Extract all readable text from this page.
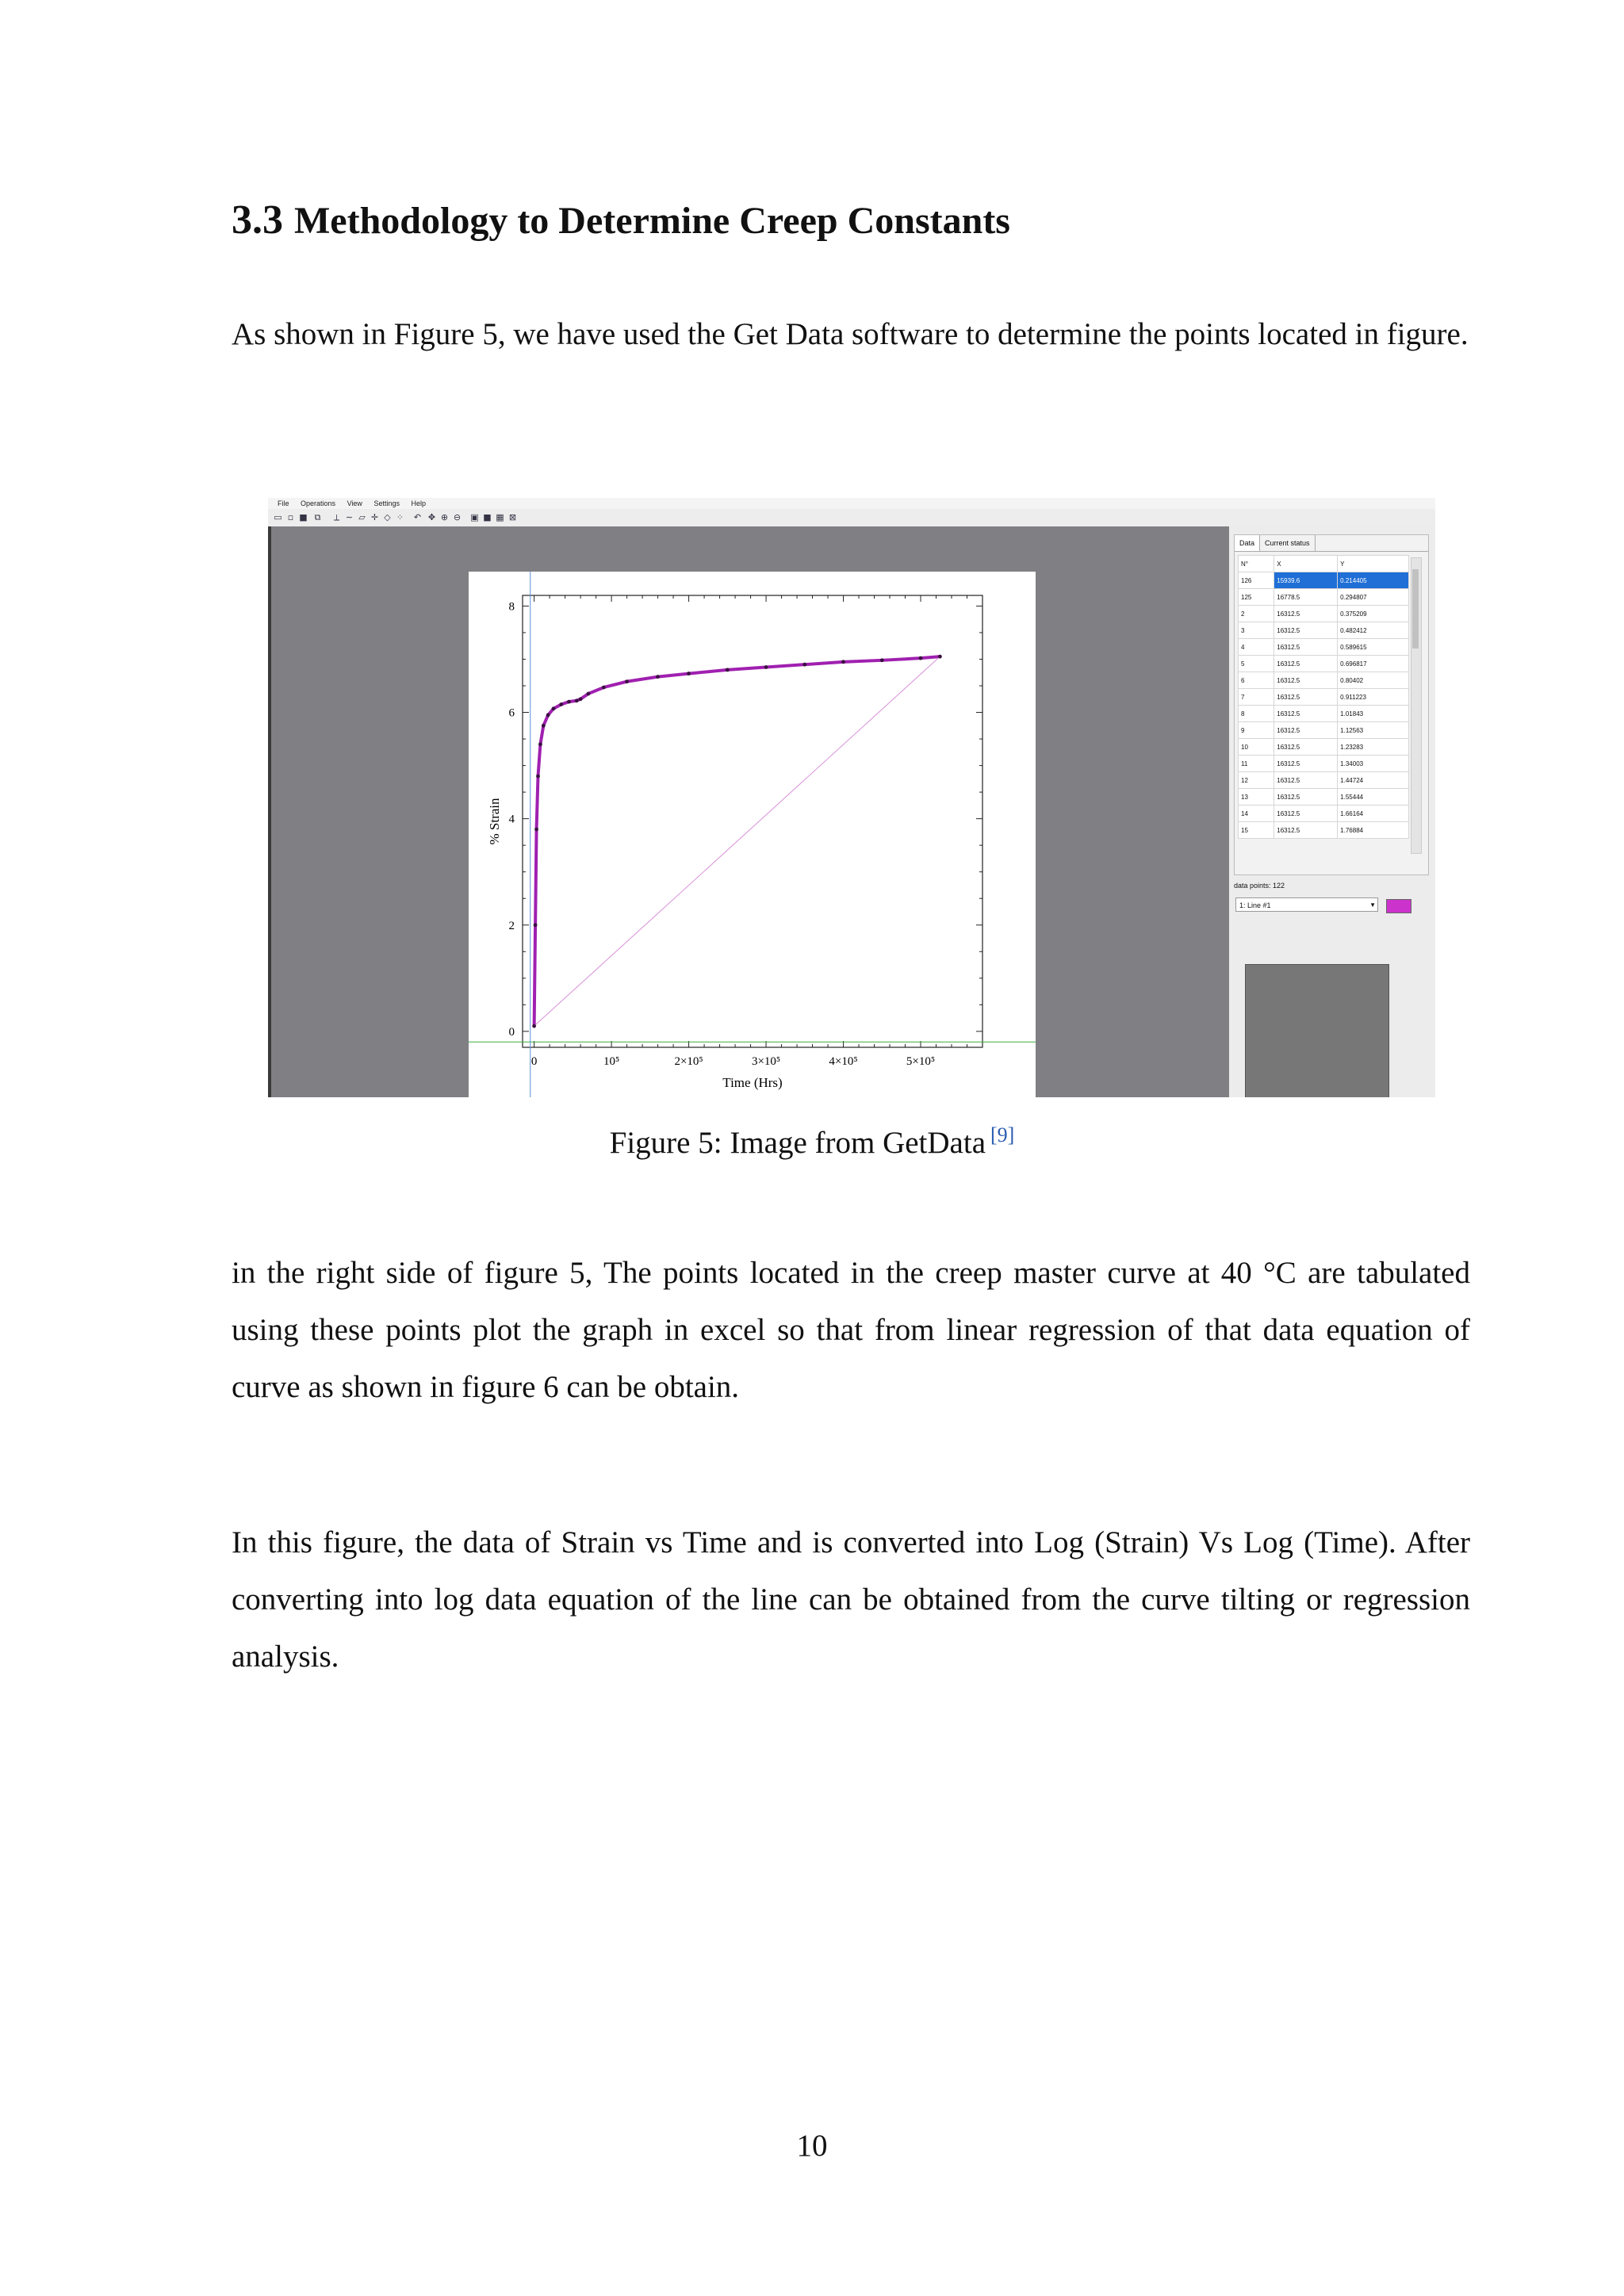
3.3 Methodology to Determine Creep Constants

As shown in Figure 5, we have used the Get Data software to determine the points located in figure.

File Operations View Settings Help
▭ ▫ ■ ⧉ ⟂ ∼ ▱ ✛ ◇ ⁘ ↶ ✥ ⊕ ⊖ ▣ ■ ▦ ⊠
0	10⁵	2×10⁵	3×10⁵	4×10⁵	5×10⁵
0
2
4
6
8
Time (Hrs)
% Strain
Data Current status
N°	X	Y
126	15939.6	0.214405
125	16778.5	0.294807
2	16312.5	0.375209
3	16312.5	0.482412
4	16312.5	0.589615
5	16312.5	0.696817
6	16312.5	0.80402
7	16312.5	0.911223
8	16312.5	1.01843
9	16312.5	1.12563
10	16312.5	1.23283
11	16312.5	1.34003
12	16312.5	1.44724
13	16312.5	1.55444
14	16312.5	1.66164
15	16312.5	1.76884
data points: 122
1: Line #1	▼
Figure 5: Image from GetData [9]

in the right side of figure 5, The points located in the creep master curve at 40 °C are tabulated using these points plot the graph in excel so that from linear regression of that data equation of curve as shown in figure 6 can be obtain.

In this figure, the data of Strain vs Time and is converted into Log (Strain) Vs Log (Time). After converting into log data equation of the line can be obtained from the curve tilting or regression analysis.

10
